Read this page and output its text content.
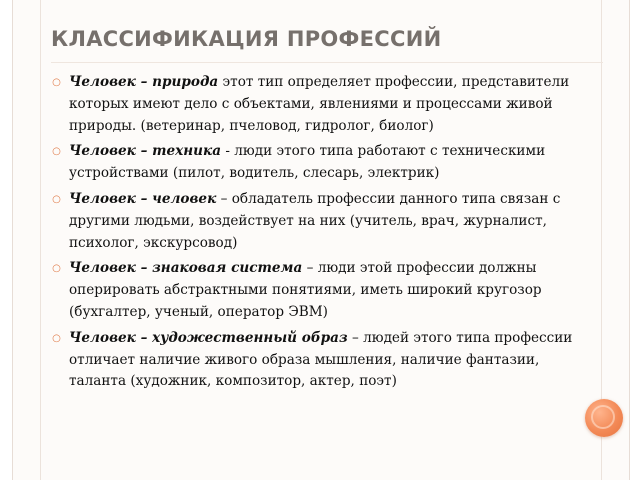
КЛАССИФИКАЦИЯ ПРОФЕССИЙ
○ Человек – природа этот тип определяет профессии, представители которых имеют дело с объектами, явлениями и процессами живой природы. (ветеринар, пчеловод, гидролог, биолог)
○ Человек – техника - люди этого типа работают с техническими устройствами (пилот, водитель, слесарь, электрик)
○ Человек – человек – обладатель профессии данного типа связан с другими людьми, воздействует на них (учитель, врач, журналист, психолог, экскурсовод)
○ Человек – знаковая система – люди этой профессии должны оперировать абстрактными понятиями, иметь широкий кругозор (бухгалтер, ученый, оператор ЭВМ)
○ Человек – художественный образ – людей этого типа профессии отличает наличие живого образа мышления, наличие фантазии, таланта (художник, композитор, актер, поэт)
